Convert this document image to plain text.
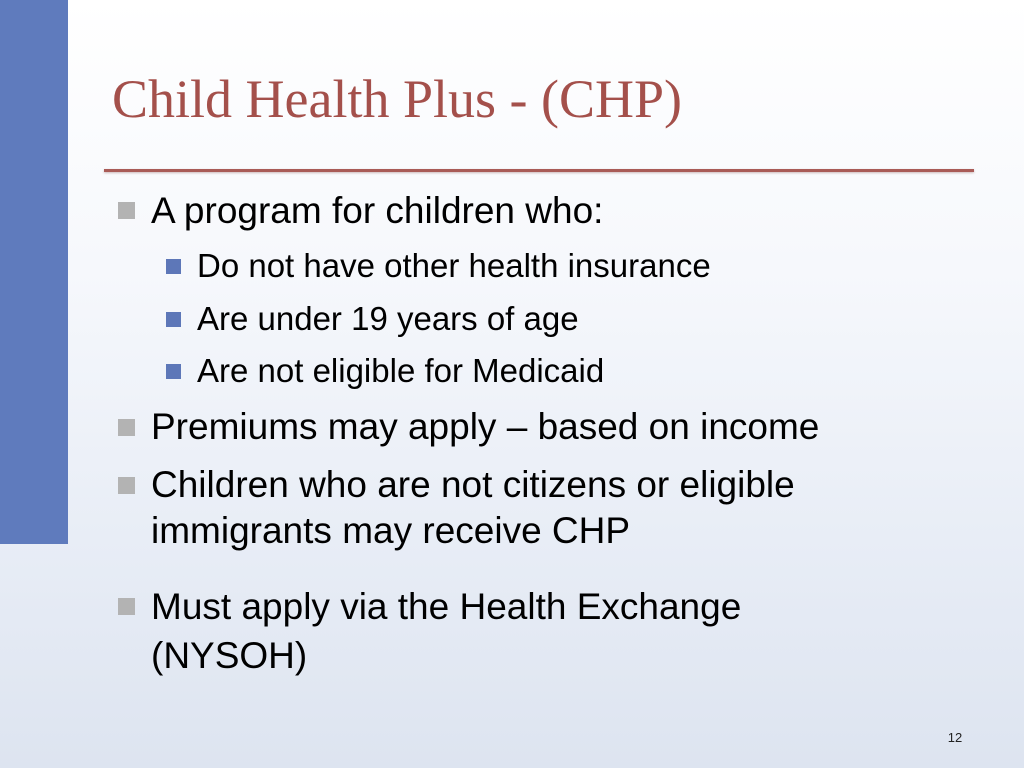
Child Health Plus - (CHP)
A program for children who:
Do not have other health insurance
Are under 19 years of age
Are not eligible for Medicaid
Premiums may apply – based on income
Children who are not citizens or eligible
immigrants may receive CHP
Must apply via the Health Exchange
(NYSOH)
12
